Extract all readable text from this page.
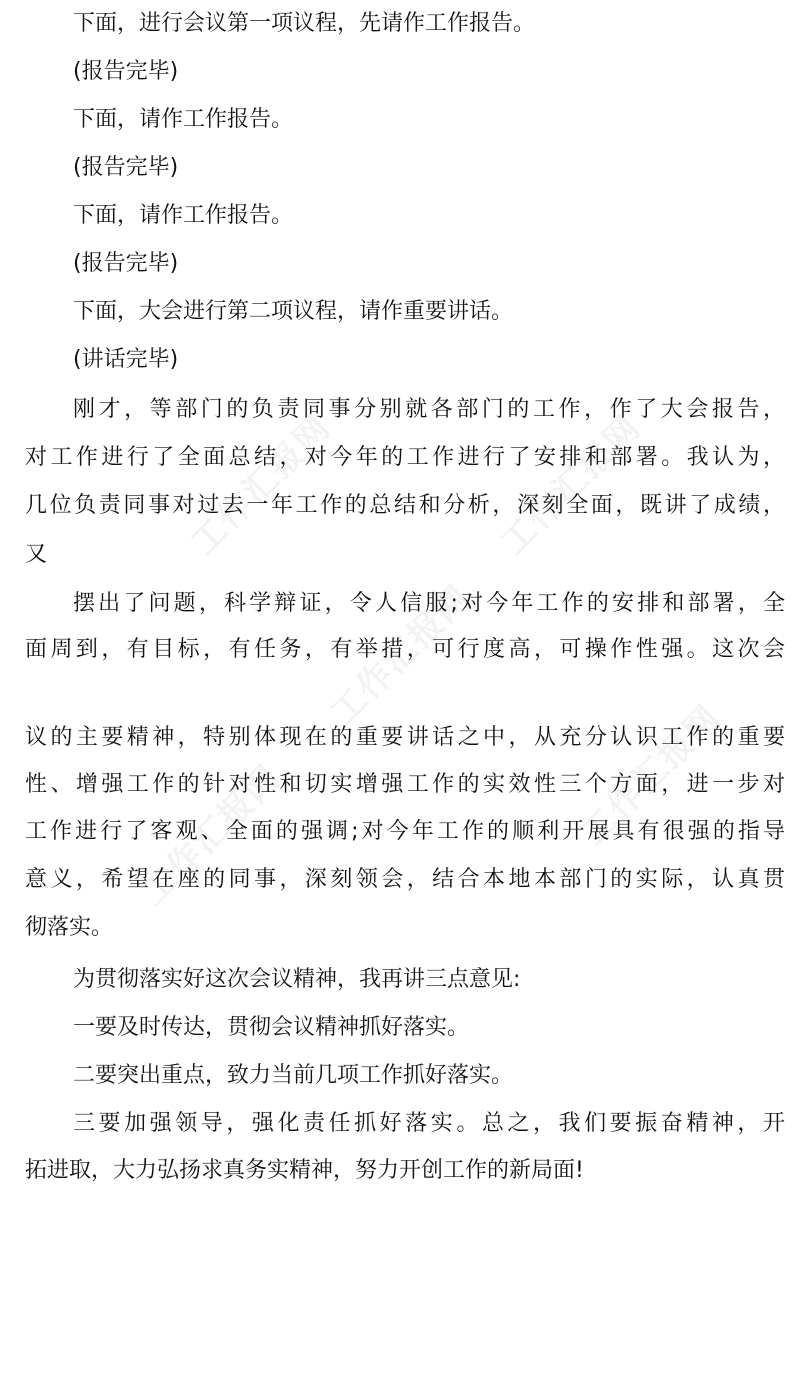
工作汇报网	工作汇报网
工作汇报网
工作汇报网
工作汇报网
下面，进行会议第一项议程，先请作工作报告。
(报告完毕)
下面，请作工作报告。
(报告完毕)
下面，请作工作报告。
(报告完毕)
下面，大会进行第二项议程，请作重要讲话。
(讲话完毕)
刚才，等部门的负责同事分别就各部门的工作，作了大会报告，
对工作进行了全面总结，对今年的工作进行了安排和部署。我认为，
几位负责同事对过去一年工作的总结和分析，深刻全面，既讲了成绩，
又
摆出了问题，科学辩证，令人信服;对今年工作的安排和部署，全
面周到，有目标，有任务，有举措，可行度高，可操作性强。这次会
议的主要精神，特别体现在的重要讲话之中，从充分认识工作的重要
性、增强工作的针对性和切实增强工作的实效性三个方面，进一步对
工作进行了客观、全面的强调;对今年工作的顺利开展具有很强的指导
意义，希望在座的同事，深刻领会，结合本地本部门的实际，认真贯
彻落实。
为贯彻落实好这次会议精神，我再讲三点意见:
一要及时传达，贯彻会议精神抓好落实。
二要突出重点，致力当前几项工作抓好落实。
三要加强领导，强化责任抓好落实。总之，我们要振奋精神，开
拓进取，大力弘扬求真务实精神，努力开创工作的新局面!
